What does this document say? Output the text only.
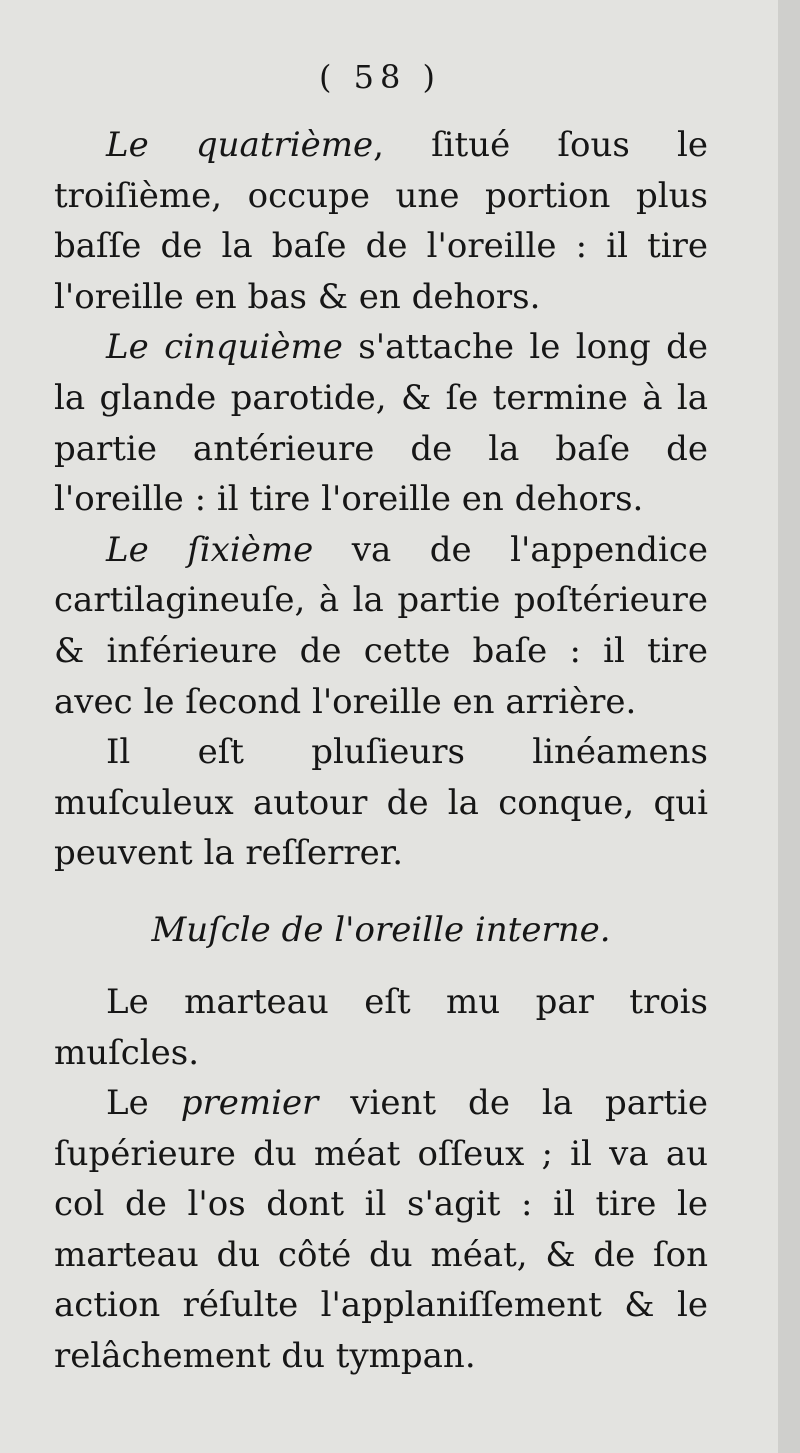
( 58 )

Le quatrième, ſitué ſous le troiſième, occupe une portion plus baſſe de la baſe de l'oreille : il tire l'oreille en bas & en dehors.

Le cinquième s'attache le long de la glande parotide, & ſe termine à la partie antérieure de la baſe de l'oreille : il tire l'oreille en dehors.

Le ſixième va de l'appendice cartilagineuſe, à la partie poſtérieure & inférieure de cette baſe : il tire avec le ſecond l'oreille en arrière.

Il eſt pluſieurs linéamens muſculeux autour de la conque, qui peuvent la reſſerrer.

Muſcle de l'oreille interne.

Le marteau eſt mu par trois muſcles.

Le premier vient de la partie ſupérieure du méat oſſeux ; il va au col de l'os dont il s'agit : il tire le marteau du côté du méat, & de ſon action réſulte l'applaniſſement & le relâchement du tympan.
